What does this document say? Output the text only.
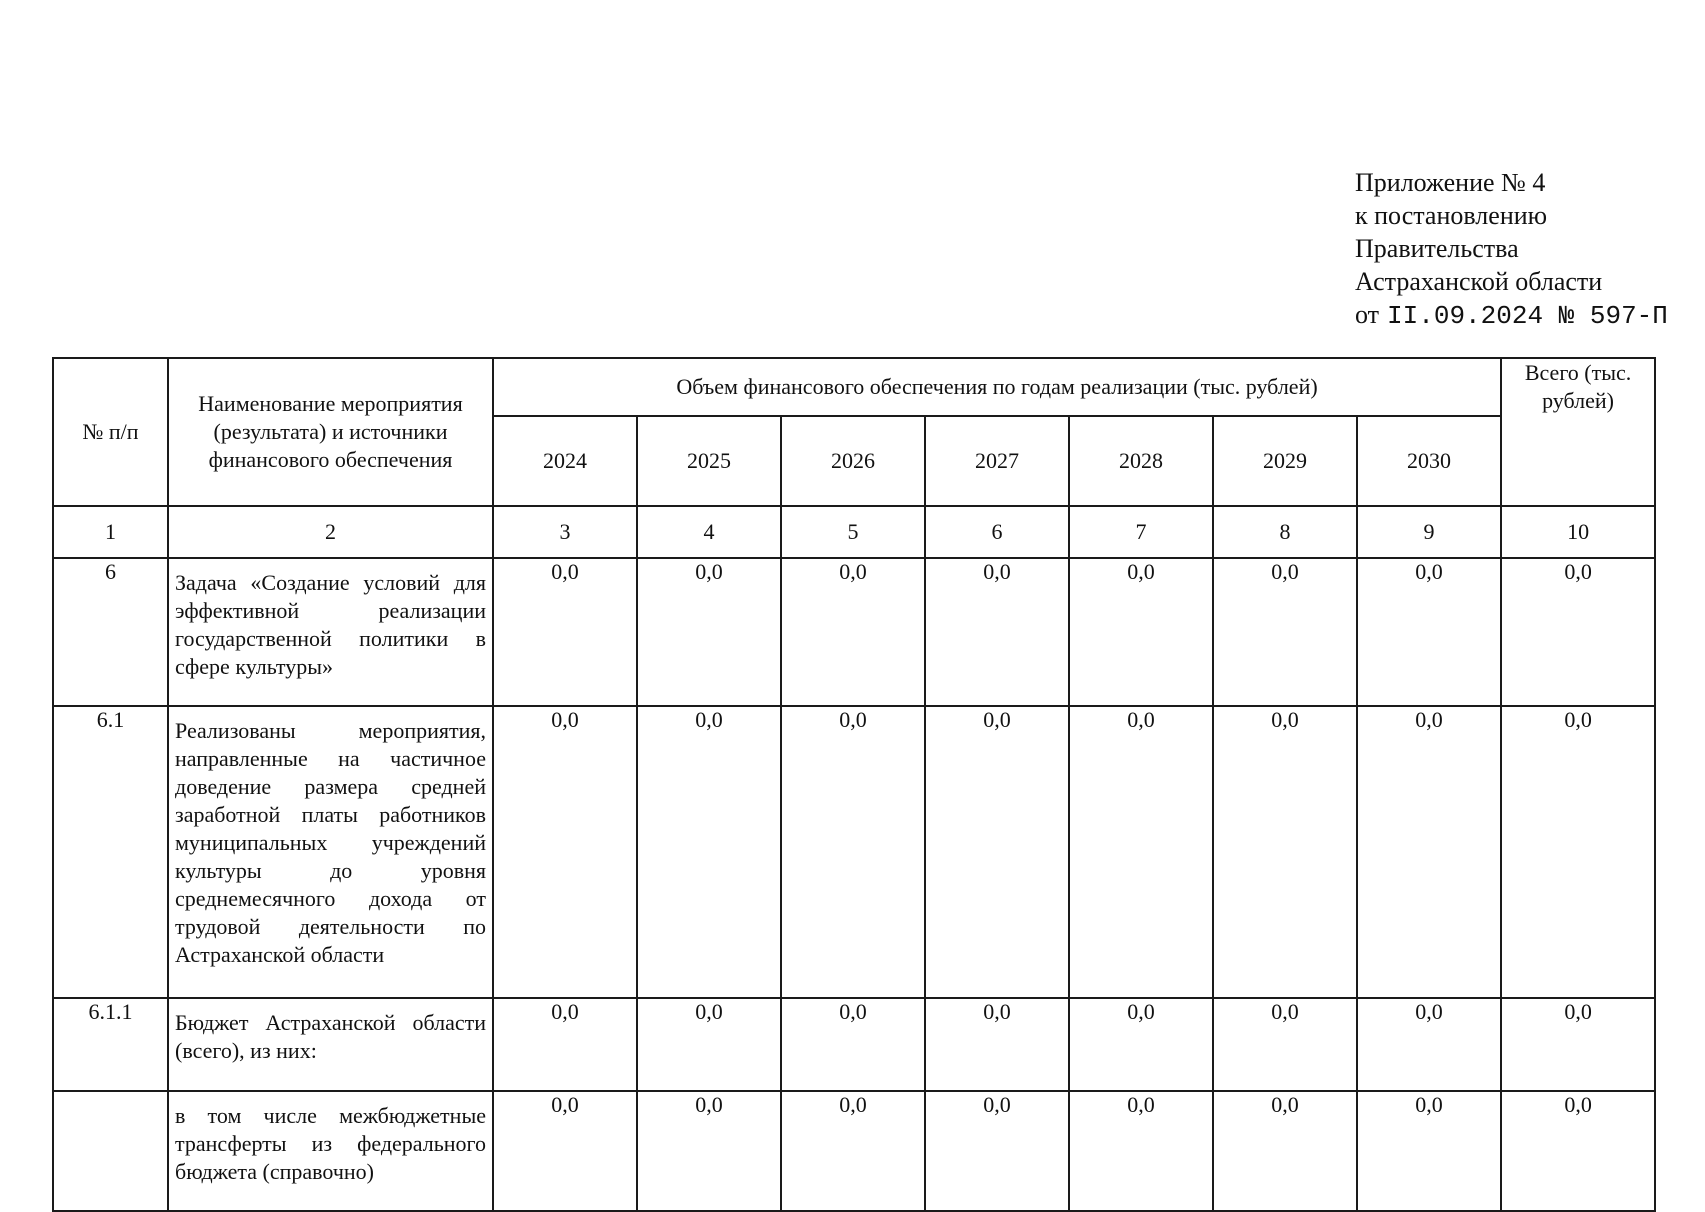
Приложение № 4
к постановлению
Правительства
Астраханской области
от II.09.2024 № 597-П
№ п/п	Наименование мероприятия (результата) и источники финансового обеспечения	Объем финансового обеспечения по годам реализации (тыс. рублей)							Всего (тыс. рублей)
		2024	2025	2026	2027	2028	2029	2030	
1	2	3	4	5	6	7	8	9	10
6	Задача «Создание условий для эффективной реализации государственной политики в сфере культуры»	0,0	0,0	0,0	0,0	0,0	0,0	0,0	0,0
6.1	Реализованы мероприятия, направленные на частичное доведение размера средней заработной платы работников муниципальных учреждений культуры до уровня среднемесячного дохода от трудовой деятельности по Астраханской области	0,0	0,0	0,0	0,0	0,0	0,0	0,0	0,0
6.1.1	Бюджет Астраханской области (всего), из них:	0,0	0,0	0,0	0,0	0,0	0,0	0,0	0,0
	в том числе межбюджетные трансферты из федерального бюджета (справочно)	0,0	0,0	0,0	0,0	0,0	0,0	0,0	0,0
